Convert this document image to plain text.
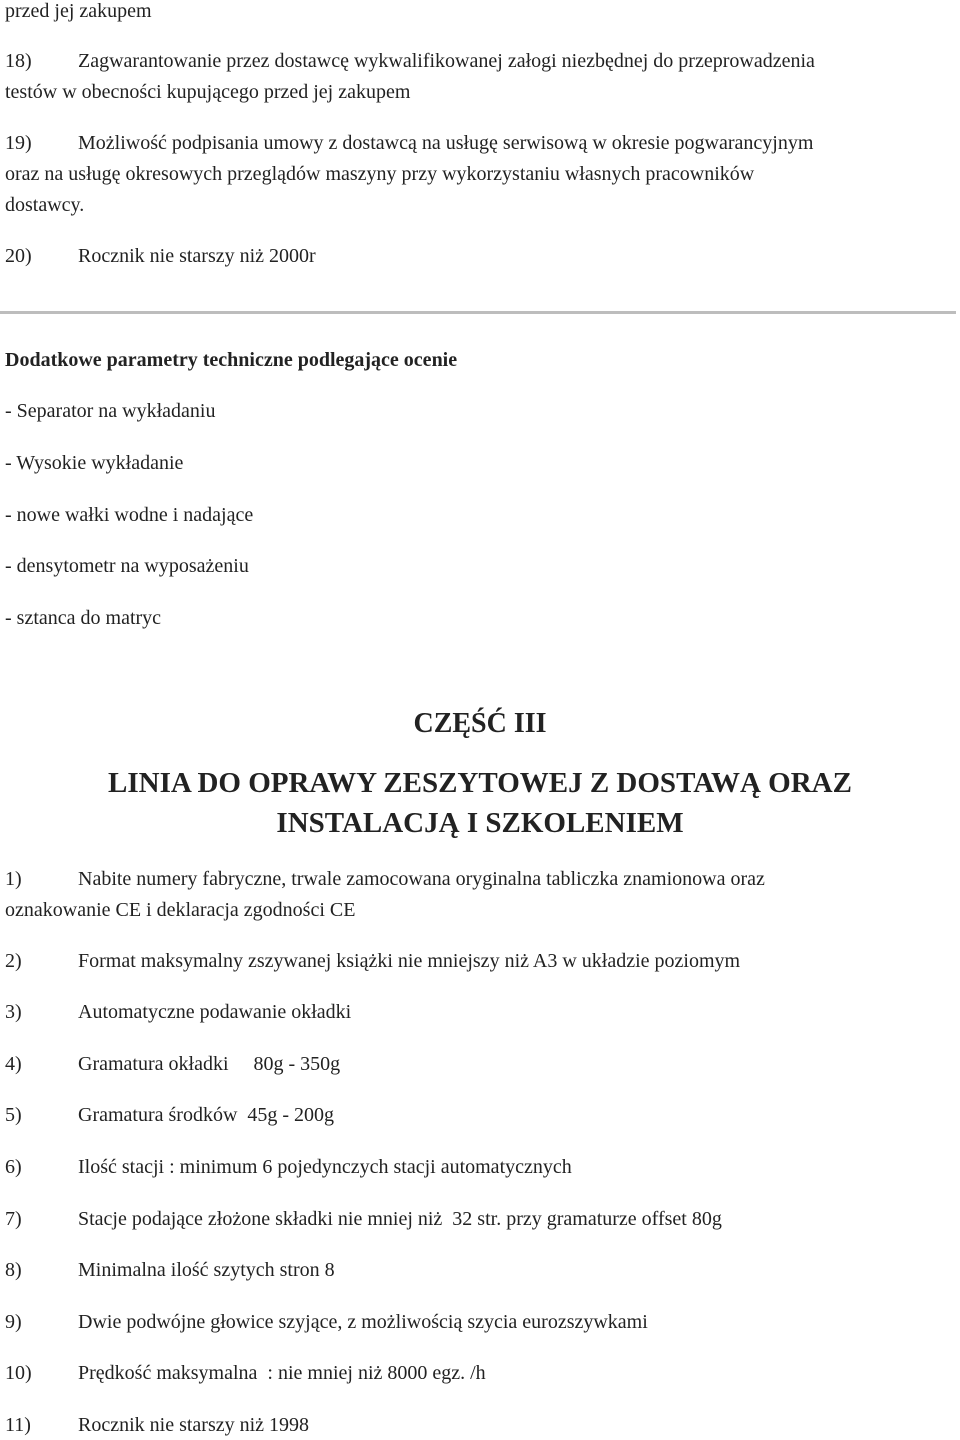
przed jej zakupem
18) Zagwarantowanie przez dostawcę wykwalifikowanej załogi niezbędnej do przeprowadzenia
testów w obecności kupującego przed jej zakupem
19) Możliwość podpisania umowy z dostawcą na usługę serwisową w okresie pogwarancyjnym
oraz na usługę okresowych przeglądów maszyny przy wykorzystaniu własnych pracowników
dostawcy.
20) Rocznik nie starszy niż 2000r
Dodatkowe parametry techniczne podlegające ocenie
- Separator na wykładaniu
- Wysokie wykładanie
- nowe wałki wodne i nadające
- densytometr na wyposażeniu
- sztanca do matryc
CZĘŚĆ III
LINIA DO OPRAWY ZESZYTOWEJ Z DOSTAWĄ ORAZ
INSTALACJĄ I SZKOLENIEM
1)	Nabite numery fabryczne, trwale zamocowana oryginalna tabliczka znamionowa oraz
oznakowanie CE i deklaracja zgodności CE
2)	Format maksymalny zszywanej książki nie mniejszy niż A3 w układzie poziomym
3)	Automatyczne podawanie okładki
4)	Gramatura okładki     80g - 350g
5)	Gramatura środków  45g - 200g
6)	Ilość stacji : minimum 6 pojedynczych stacji automatycznych
7)	Stacje podające złożone składki nie mniej niż  32 str. przy gramaturze offset 80g
8)	Minimalna ilość szytych stron 8
9)	Dwie podwójne głowice szyjące, z możliwością szycia eurozszywkami
10) Prędkość maksymalna  : nie mniej niż 8000 egz. /h
11) Rocznik nie starszy niż 1998
